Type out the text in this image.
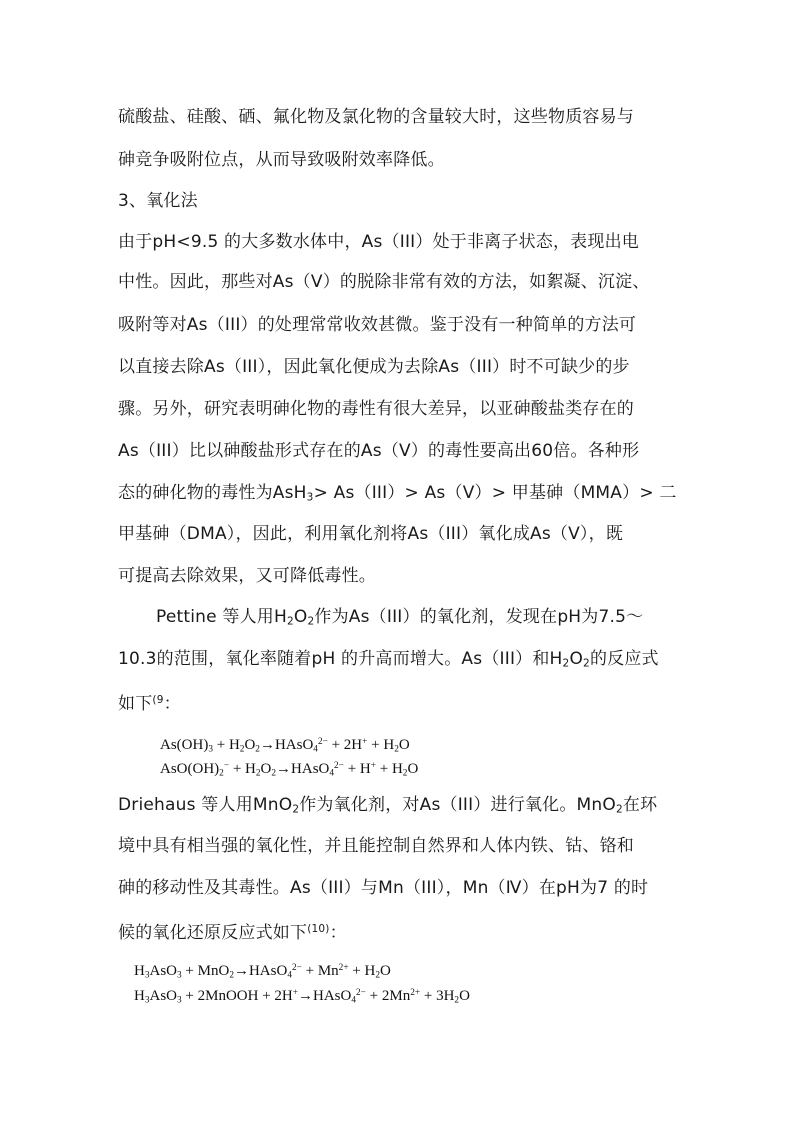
硫酸盐、硅酸、硒、氟化物及氯化物的含量较大时，这些物质容易与
砷竞争吸附位点，从而导致吸附效率降低。
3、氧化法
由于pH<9.5 的大多数水体中，As（III）处于非离子状态，表现出电
中性。因此，那些对As（Ⅴ）的脱除非常有效的方法，如絮凝、沉淀、
吸附等对As（III）的处理常常收效甚微。鉴于没有一种简单的方法可
以直接去除As（III），因此氧化便成为去除As（III）时不可缺少的步
骤。另外，研究表明砷化物的毒性有很大差异，以亚砷酸盐类存在的
As（III）比以砷酸盐形式存在的As（Ⅴ）的毒性要高出60倍。各种形
态的砷化物的毒性为AsH$_3$> As（III）> As（Ⅴ）> 甲基砷（MMA）> 二
甲基砷（DMA），因此，利用氧化剂将As（III）氧化成As（Ⅴ），既
可提高去除效果，又可降低毒性。
Pettine 等人用$H_2O_2$作为As（III）的氧化剂，发现在pH为7.5～
10.3的范围，氧化率随着pH 的升高而增大。As（III）和$H_2O_2$的反应式
如下$^{(9}$：
$As(OH)_3$ + $H_2O_2\to HAsO_4^{2-} + 2H^+ + H_2O$
$AsO(OH)_2^-$ + $H_2O_2\to HAsO_4^{2-} + H^+ + H_2O$
Driehaus 等人用MnO$_2$作为氧化剂，对As（III）进行氧化。MnO$_2$在环
境中具有相当强的氧化性，并且能控制自然界和人体内铁、钴、铬和
砷的移动性及其毒性。As（III）与Mn（III），Mn（Ⅳ）在pH为7 的时
候的氧化还原反应式如下$^{(10)}$：
$H_3AsO_3$ + MnO$_2$→HAsO$_4^{2-}$ + $Mn^{2+} + H_2O$
$H_3AsO_3$ + 2MnOOH + 2H+→HAsO$_4^{2-}$ + $2Mn^{2+} + 3H_2O$
